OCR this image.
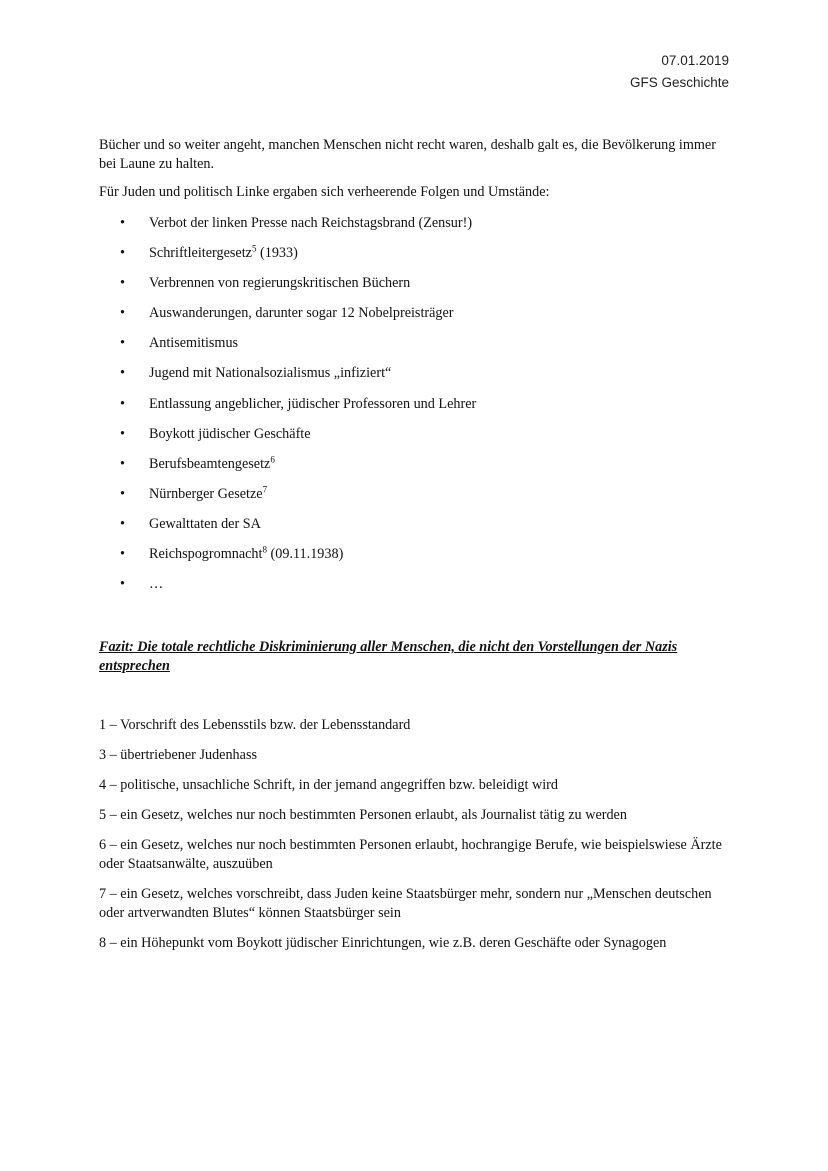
07.01.2019
GFS Geschichte

Bücher und so weiter angeht, manchen Menschen nicht recht waren, deshalb galt es, die Bevölkerung immer bei Laune zu halten.

Für Juden und politisch Linke ergaben sich verheerende Folgen und Umstände:

• Verbot der linken Presse nach Reichstagsbrand (Zensur!)
• Schriftleitergesetz$^5$ (1933)
• Verbrennen von regierungskritischen Büchern
• Auswanderungen, darunter sogar 12 Nobelpreisträger
• Antisemitismus
• Jugend mit Nationalsozialismus „infiziert“
• Entlassung angeblicher, jüdischer Professoren und Lehrer
• Boykott jüdischer Geschäfte
• Berufsbeamtengesetz$^6$
• Nürnberger Gesetze$^7$
• Gewalttaten der SA
• Reichspogromnacht$^8$ (09.11.1938)
• …

Fazit: Die totale rechtliche Diskriminierung aller Menschen, die nicht den Vorstellungen der Nazis entsprechen

1 – Vorschrift des Lebensstils bzw. der Lebensstandard

3 – übertriebener Judenhass

4 – politische, unsachliche Schrift, in der jemand angegriffen bzw. beleidigt wird

5 – ein Gesetz, welches nur noch bestimmten Personen erlaubt, als Journalist tätig zu werden

6 – ein Gesetz, welches nur noch bestimmten Personen erlaubt, hochrangige Berufe, wie beispielswiese Ärzte oder Staatsanwälte, auszuüben

7 – ein Gesetz, welches vorschreibt, dass Juden keine Staatsbürger mehr, sondern nur „Menschen deutschen oder artverwandten Blutes“ können Staatsbürger sein

8 – ein Höhepunkt vom Boykott jüdischer Einrichtungen, wie z.B. deren Geschäfte oder Synagogen
